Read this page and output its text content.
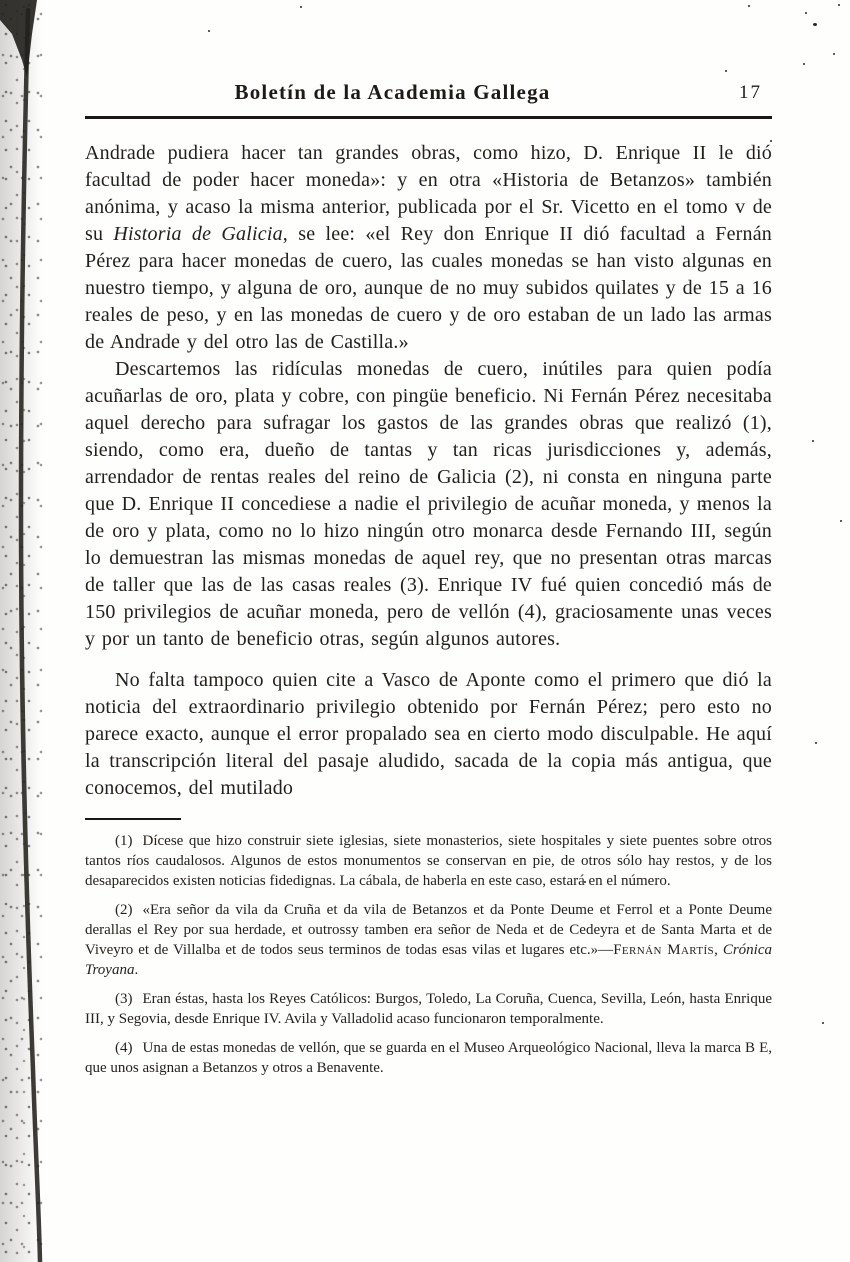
Boletín de la Academia Gallega	17

Andrade pudiera hacer tan grandes obras, como hizo, D. Enrique II le dió facultad de poder hacer moneda»: y en otra «Historia de Betanzos» también anónima, y acaso la misma anterior, publicada por el Sr. Vicetto en el tomo v de su Historia de Galicia, se lee: «el Rey don Enrique II dió facultad a Fernán Pérez para hacer monedas de cuero, las cuales monedas se han visto algunas en nuestro tiempo, y alguna de oro, aunque de no muy subidos quilates y de 15 a 16 reales de peso, y en las monedas de cuero y de oro estaban de un lado las armas de Andrade y del otro las de Castilla.»

Descartemos las ridículas monedas de cuero, inútiles para quien podía acuñarlas de oro, plata y cobre, con pingüe beneficio. Ni Fernán Pérez necesitaba aquel derecho para sufragar los gastos de las grandes obras que realizó (1), siendo, como era, dueño de tantas y tan ricas jurisdicciones y, además, arrendador de rentas reales del reino de Galicia (2), ni consta en ninguna parte que D. Enrique II concediese a nadie el privilegio de acuñar moneda, y menos la de oro y plata, como no lo hizo ningún otro monarca desde Fernando III, según lo demuestran las mismas monedas de aquel rey, que no presentan otras marcas de taller que las de las casas reales (3). Enrique IV fué quien concedió más de 150 privilegios de acuñar moneda, pero de vellón (4), graciosamente unas veces y por un tanto de beneficio otras, según algunos autores.

No falta tampoco quien cite a Vasco de Aponte como el primero que dió la noticia del extraordinario privilegio obtenido por Fernán Pérez; pero esto no parece exacto, aunque el error propalado sea en cierto modo disculpable. He aquí la transcripción literal del pasaje aludido, sacada de la copia más antigua, que conocemos, del mutilado

(1) Dícese que hizo construir siete iglesias, siete monasterios, siete hospitales y siete puentes sobre otros tantos ríos caudalosos. Algunos de estos monumentos se conservan en pie, de otros sólo hay restos, y de los desaparecidos existen noticias fidedignas. La cábala, de haberla en este caso, estará en el número.

(2) «Era señor da vila da Cruña et da vila de Betanzos et da Ponte Deume et Ferrol et a Ponte Deume derallas el Rey por sua herdade, et outrossy tamben era señor de Neda et de Cedeyra et de Santa Marta et de Viveyro et de Villalba et de todos seus terminos de todas esas vilas et lugares etc.»—Fernán Martís, Crónica Troyana.

(3) Eran éstas, hasta los Reyes Católicos: Burgos, Toledo, La Coruña, Cuenca, Sevilla, León, hasta Enrique III, y Segovia, desde Enrique IV. Avila y Valladolid acaso funcionaron temporalmente.

(4) Una de estas monedas de vellón, que se guarda en el Museo Arqueológico Nacional, lleva la marca B E, que unos asignan a Betanzos y otros a Benavente.
